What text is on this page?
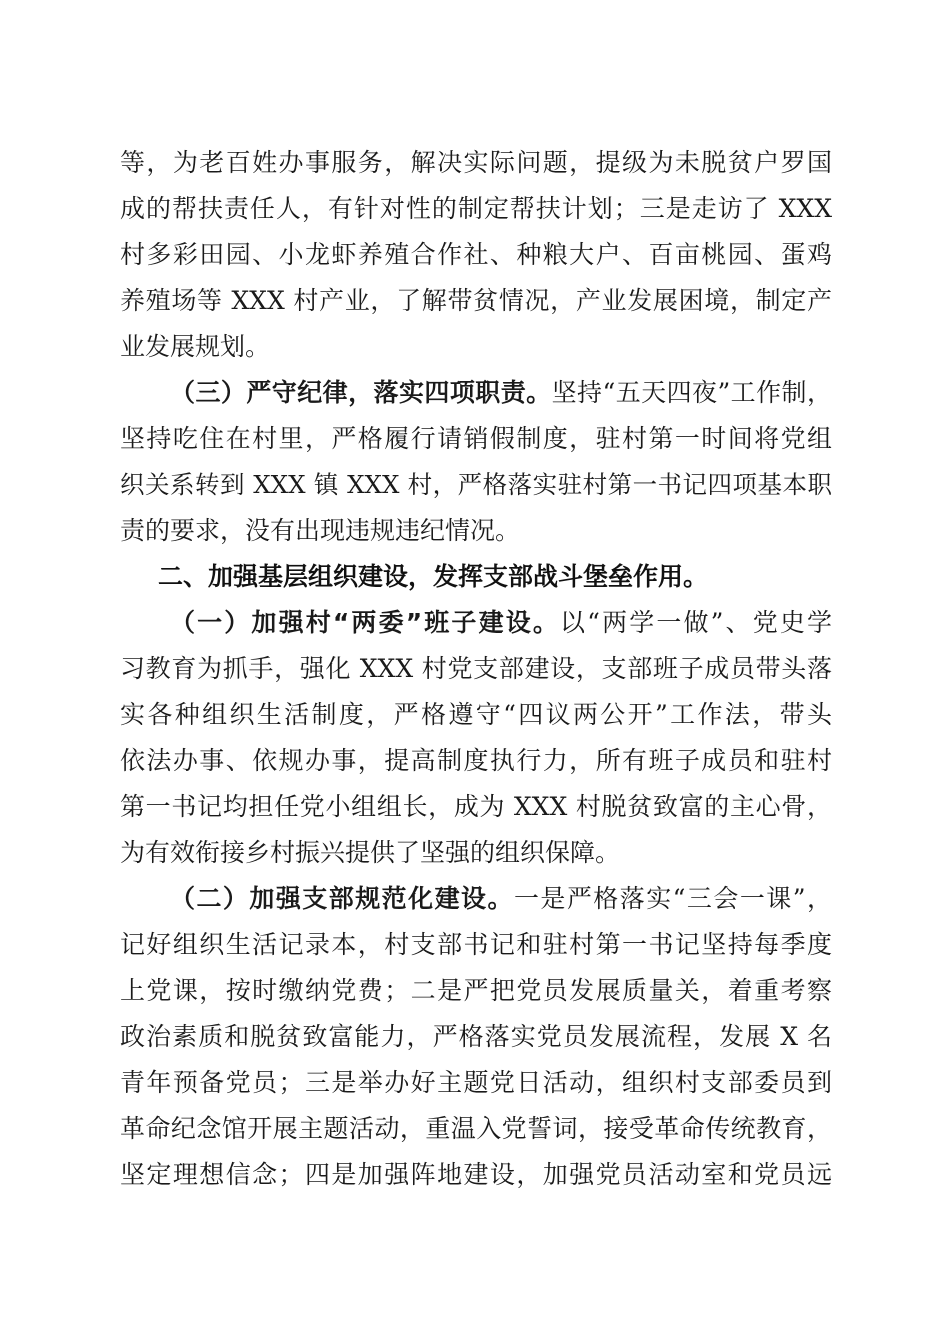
等，为老百姓办事服务，解决实际问题，提级为未脱贫户罗国
成的帮扶责任人，有针对性的制定帮扶计划；三是走访了 XXX
村多彩田园、小龙虾养殖合作社、种粮大户、百亩桃园、蛋鸡
养殖场等 XXX 村产业，了解带贫情况，产业发展困境，制定产
业发展规划。
（三）严守纪律，落实四项职责。坚持“五天四夜”工作制，
坚持吃住在村里，严格履行请销假制度，驻村第一时间将党组
织关系转到 XXX 镇 XXX 村，严格落实驻村第一书记四项基本职
责的要求，没有出现违规违纪情况。
二、加强基层组织建设，发挥支部战斗堡垒作用。
（一）加强村“两委”班子建设。以“两学一做”、党史学
习教育为抓手，强化 XXX 村党支部建设，支部班子成员带头落
实各种组织生活制度，严格遵守“四议两公开”工作法，带头
依法办事、依规办事，提高制度执行力，所有班子成员和驻村
第一书记均担任党小组组长，成为 XXX 村脱贫致富的主心骨，
为有效衔接乡村振兴提供了坚强的组织保障。
（二）加强支部规范化建设。一是严格落实“三会一课”，
记好组织生活记录本，村支部书记和驻村第一书记坚持每季度
上党课，按时缴纳党费；二是严把党员发展质量关，着重考察
政治素质和脱贫致富能力，严格落实党员发展流程，发展 X 名
青年预备党员；三是举办好主题党日活动，组织村支部委员到
革命纪念馆开展主题活动，重温入党誓词，接受革命传统教育，
坚定理想信念；四是加强阵地建设，加强党员活动室和党员远
